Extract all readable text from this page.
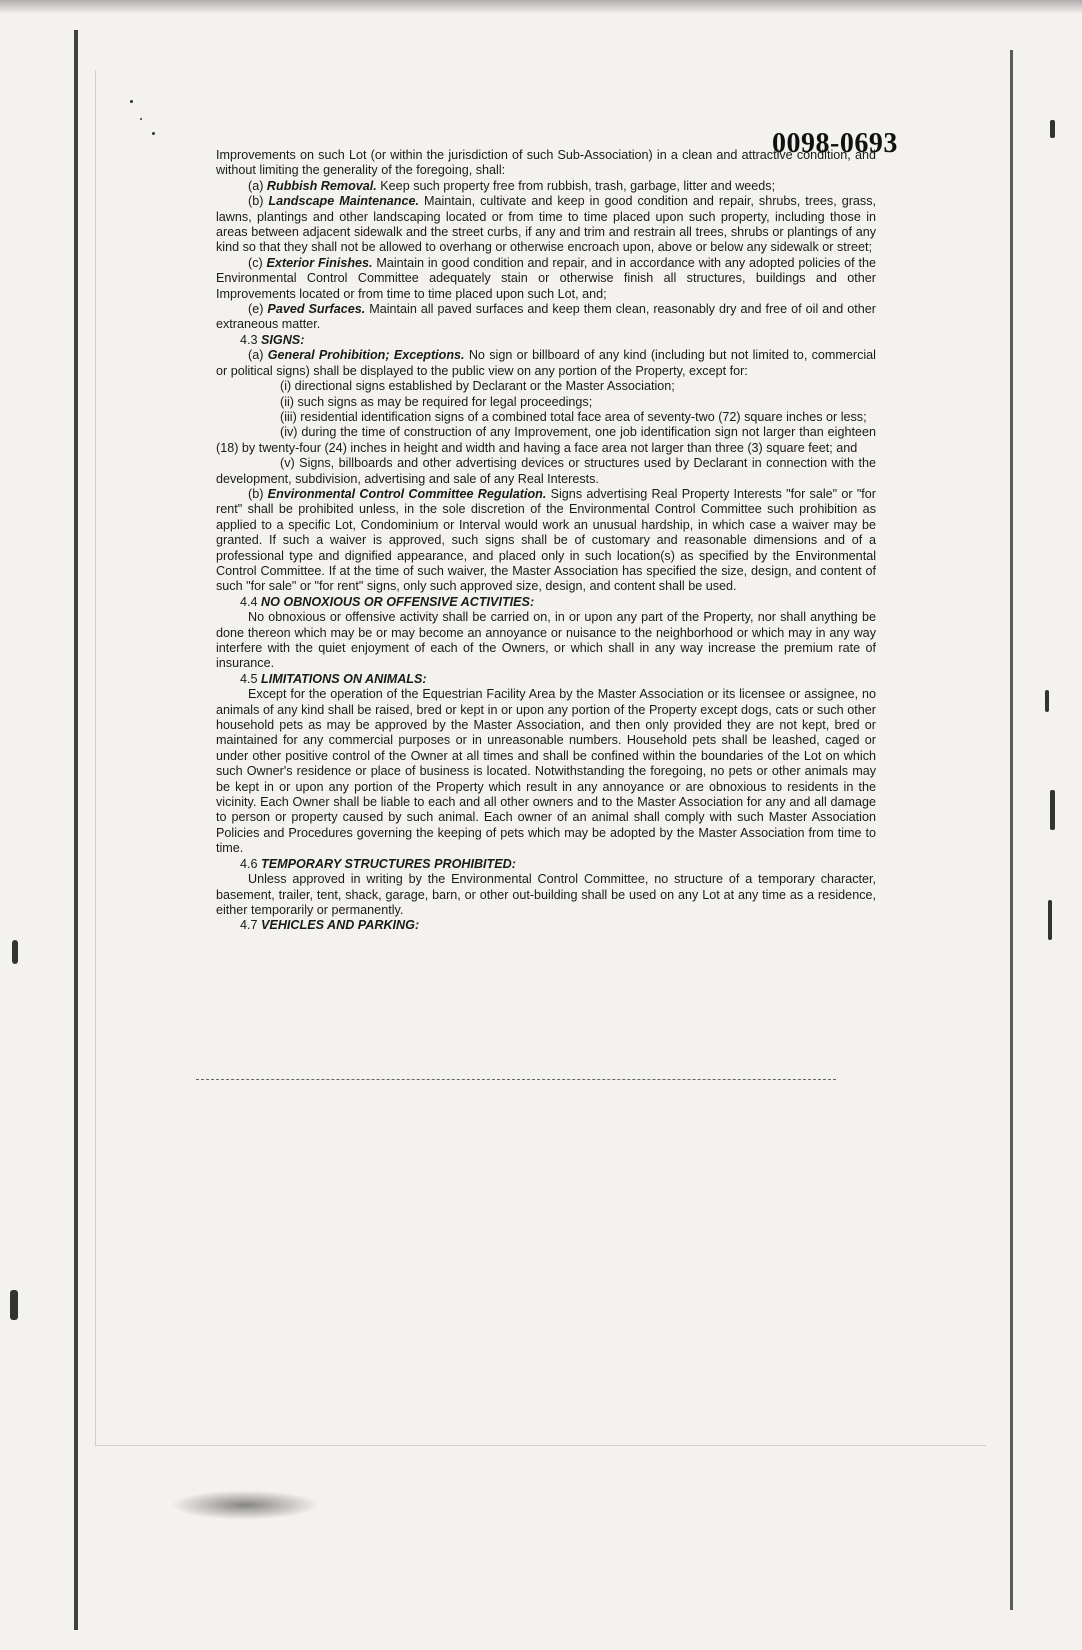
0098-0693

Improvements on such Lot (or within the jurisdiction of such Sub-Association) in a clean and attractive condition, and without limiting the generality of the foregoing, shall:

(a) Rubbish Removal. Keep such property free from rubbish, trash, garbage, litter and weeds;

(b) Landscape Maintenance. Maintain, cultivate and keep in good condition and repair, shrubs, trees, grass, lawns, plantings and other landscaping located or from time to time placed upon such property, including those in areas between adjacent sidewalk and the street curbs, if any and trim and restrain all trees, shrubs or plantings of any kind so that they shall not be allowed to overhang or otherwise encroach upon, above or below any sidewalk or street;

(c) Exterior Finishes. Maintain in good condition and repair, and in accordance with any adopted policies of the Environmental Control Committee adequately stain or otherwise finish all structures, buildings and other Improvements located or from time to time placed upon such Lot, and;

(e) Paved Surfaces. Maintain all paved surfaces and keep them clean, reasonably dry and free of oil and other extraneous matter.

4.3 SIGNS:

(a) General Prohibition; Exceptions. No sign or billboard of any kind (including but not limited to, commercial or political signs) shall be displayed to the public view on any portion of the Property, except for:

(i) directional signs established by Declarant or the Master Association;

(ii) such signs as may be required for legal proceedings;

(iii) residential identification signs of a combined total face area of seventy-two (72) square inches or less;

(iv) during the time of construction of any Improvement, one job identification sign not larger than eighteen (18) by twenty-four (24) inches in height and width and having a face area not larger than three (3) square feet; and

(v) Signs, billboards and other advertising devices or structures used by Declarant in connection with the development, subdivision, advertising and sale of any Real Interests.

(b) Environmental Control Committee Regulation. Signs advertising Real Property Interests "for sale" or "for rent" shall be prohibited unless, in the sole discretion of the Environmental Control Committee such prohibition as applied to a specific Lot, Condominium or Interval would work an unusual hardship, in which case a waiver may be granted. If such a waiver is approved, such signs shall be of customary and reasonable dimensions and of a professional type and dignified appearance, and placed only in such location(s) as specified by the Environmental Control Committee. If at the time of such waiver, the Master Association has specified the size, design, and content of such "for sale" or "for rent" signs, only such approved size, design, and content shall be used.

4.4 NO OBNOXIOUS OR OFFENSIVE ACTIVITIES:

No obnoxious or offensive activity shall be carried on, in or upon any part of the Property, nor shall anything be done thereon which may be or may become an annoyance or nuisance to the neighborhood or which may in any way interfere with the quiet enjoyment of each of the Owners, or which shall in any way increase the premium rate of insurance.

4.5 LIMITATIONS ON ANIMALS:

Except for the operation of the Equestrian Facility Area by the Master Association or its licensee or assignee, no animals of any kind shall be raised, bred or kept in or upon any portion of the Property except dogs, cats or such other household pets as may be approved by the Master Association, and then only provided they are not kept, bred or maintained for any commercial purposes or in unreasonable numbers. Household pets shall be leashed, caged or under other positive control of the Owner at all times and shall be confined within the boundaries of the Lot on which such Owner's residence or place of business is located. Notwithstanding the foregoing, no pets or other animals may be kept in or upon any portion of the Property which result in any annoyance or are obnoxious to residents in the vicinity. Each Owner shall be liable to each and all other owners and to the Master Association for any and all damage to person or property caused by such animal. Each owner of an animal shall comply with such Master Association Policies and Procedures governing the keeping of pets which may be adopted by the Master Association from time to time.

4.6 TEMPORARY STRUCTURES PROHIBITED:

Unless approved in writing by the Environmental Control Committee, no structure of a temporary character, basement, trailer, tent, shack, garage, barn, or other out-building shall be used on any Lot at any time as a residence, either temporarily or permanently.

4.7 VEHICLES AND PARKING:
